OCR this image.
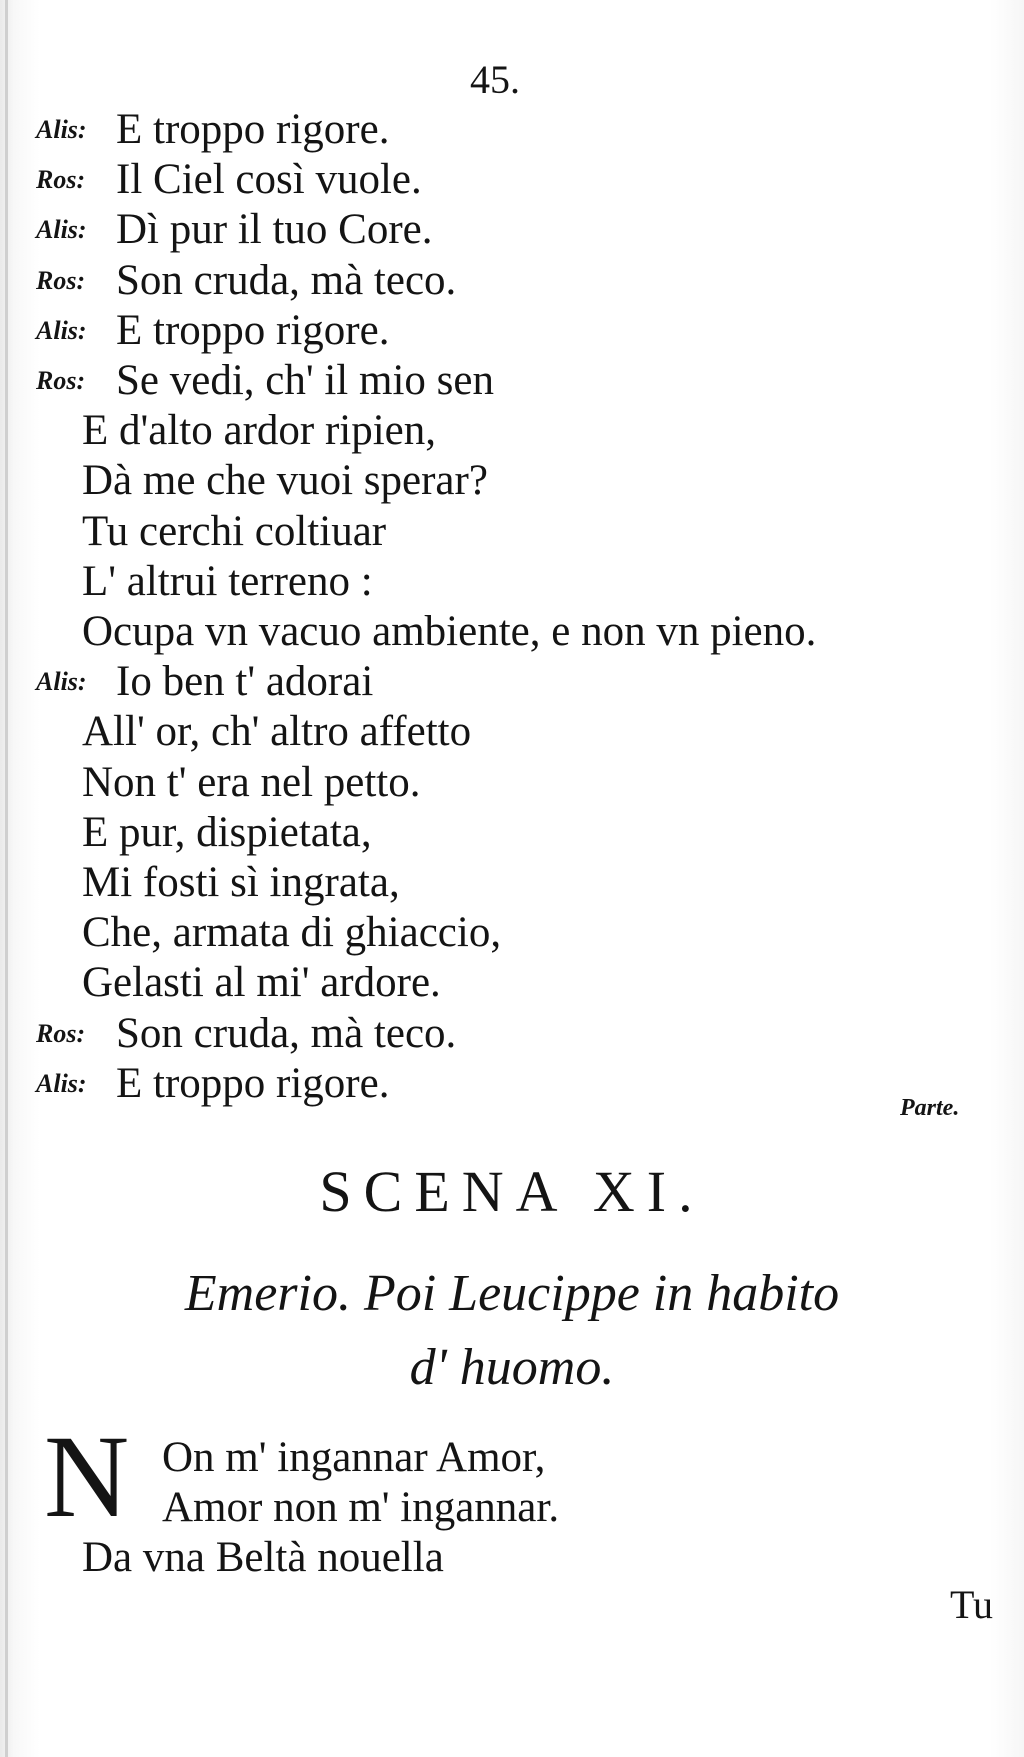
45.
Alis: E troppo rigore.
Ros: Il Ciel così vuole.
Alis: Dì pur il tuo Core.
Ros: Son cruda, mà teco.
Alis: E troppo rigore.
Ros: Se vedi, ch' il mio sen
E d'alto ardor ripien,
Dà me che vuoi sperar?
Tu cerchi coltiuar
L' altrui terreno :
Ocupa vn vacuo ambiente, e non vn pieno.
Alis: Io ben t' adorai
All' or, ch' altro affetto
Non t' era nel petto.
E pur, dispietata,
Mi fosti sì ingrata,
Che, armata di ghiaccio,
Gelasti al mi' ardore.
Ros: Son cruda, mà teco.
Alis: E troppo rigore.
Parte.
SCENA XI.
Emerio. Poi Leucippe in habito
d' huomo.
N On m' ingannar Amor,
Amor non m' ingannar.
Da vna Beltà nouella
Tu
